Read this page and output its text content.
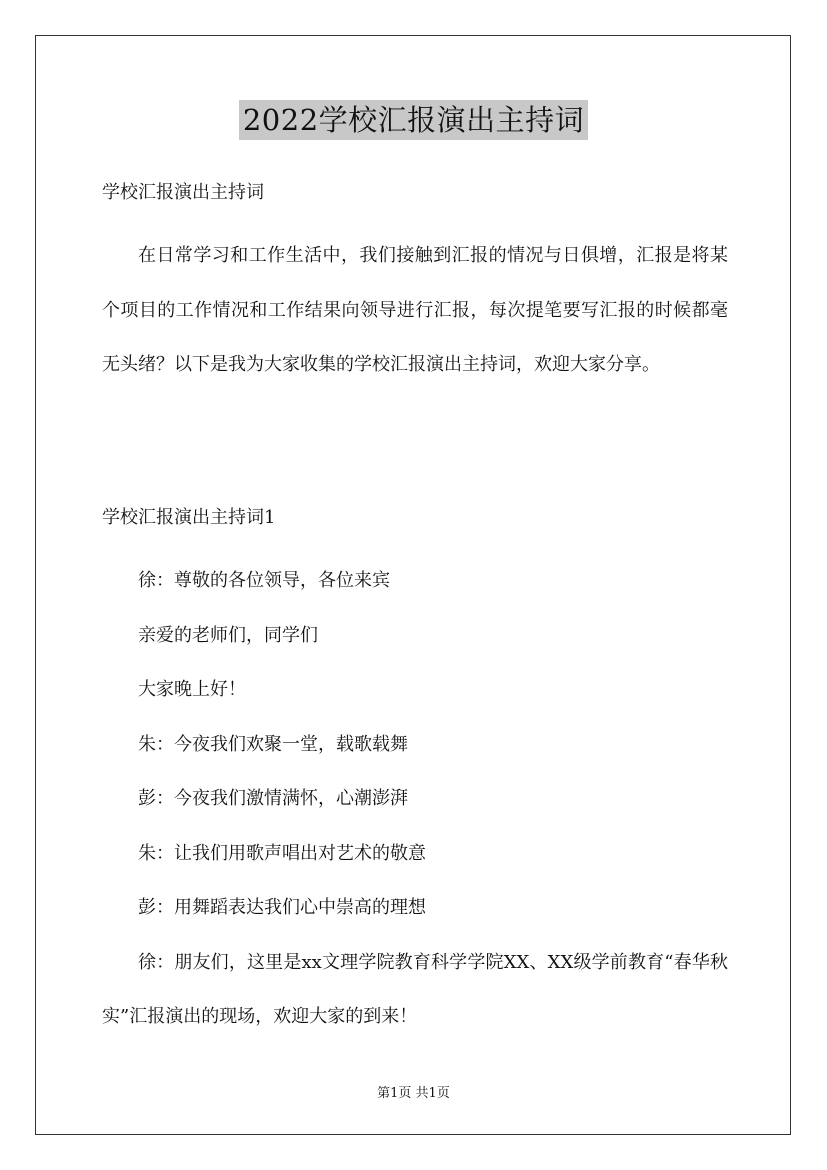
2022学校汇报演出主持词
学校汇报演出主持词

在日常学习和工作生活中，我们接触到汇报的情况与日俱增，汇报是将某个项目的工作情况和工作结果向领导进行汇报，每次提笔要写汇报的时候都毫无头绪？以下是我为大家收集的学校汇报演出主持词，欢迎大家分享。

学校汇报演出主持词1
徐：尊敬的各位领导，各位来宾
亲爱的老师们，同学们
大家晚上好！
朱：今夜我们欢聚一堂，载歌载舞
彭：今夜我们激情满怀，心潮澎湃
朱：让我们用歌声唱出对艺术的敬意
彭：用舞蹈表达我们心中崇高的理想
徐：朋友们，这里是xx文理学院教育科学学院XX、XX级学前教育“春华秋实”汇报演出的现场，欢迎大家的到来！
第1页 共1页
